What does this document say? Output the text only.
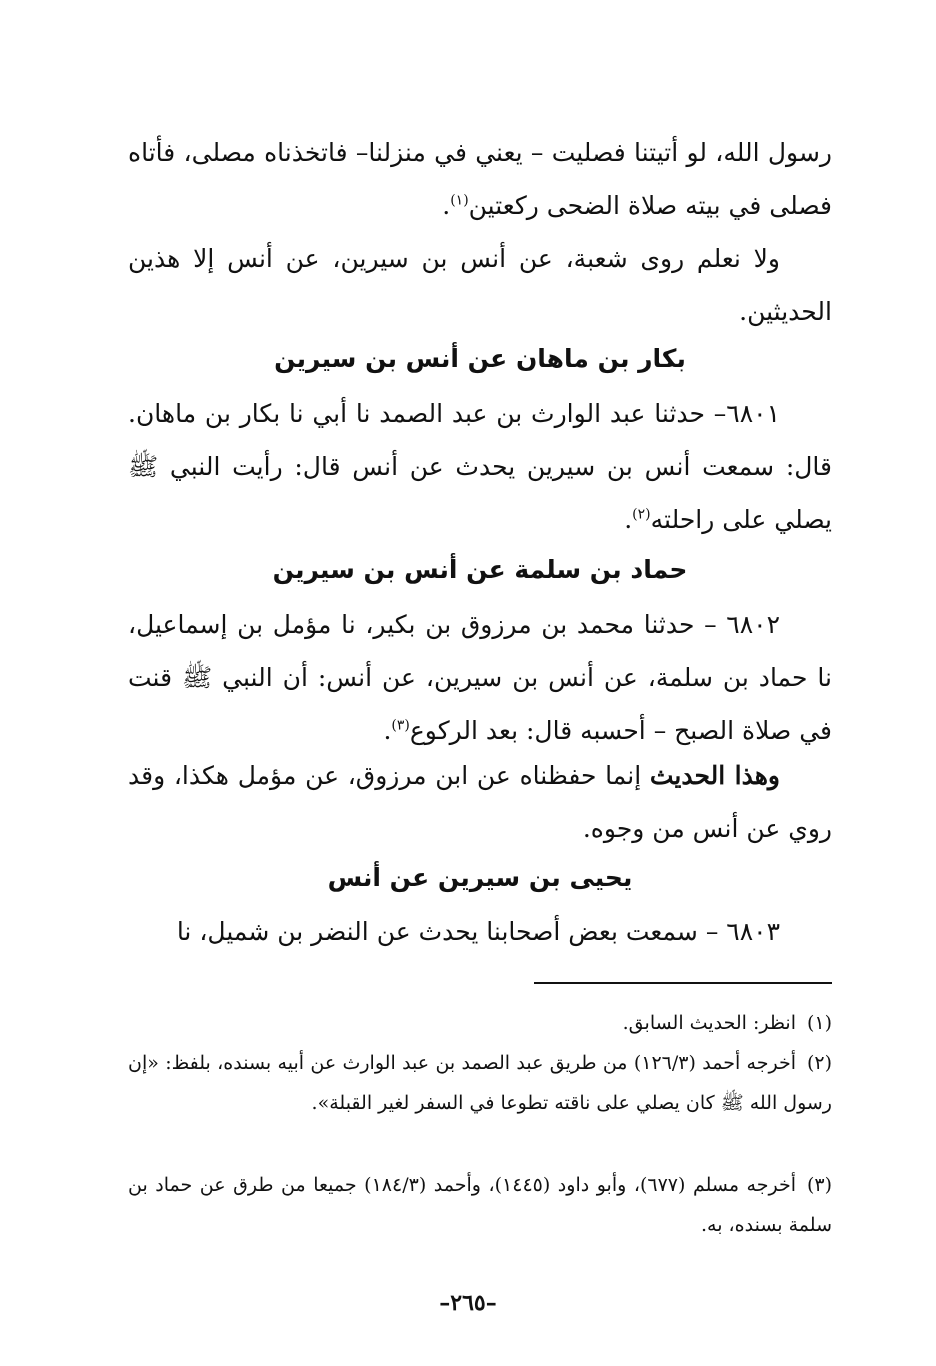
رسول الله، لو أتيتنا فصليت – يعني في منزلنا– فاتخذناه مصلى، فأتاه فصلى في بيته صلاة الضحى ركعتين$^{(١)}$.

ولا نعلم روى شعبة، عن أنس بن سيرين، عن أنس إلا هذين الحديثين.

بكار بن ماهان عن أنس بن سيرين

٦٨٠١– حدثنا عبد الوارث بن عبد الصمد نا أبي نا بكار بن ماهان. قال: سمعت أنس بن سيرين يحدث عن أنس قال: رأيت النبي ﷺ يصلي على راحلته$^{(٢)}$.

حماد بن سلمة عن أنس بن سيرين

٦٨٠٢ – حدثنا محمد بن مرزوق بن بكير، نا مؤمل بن إسماعيل، نا حماد بن سلمة، عن أنس بن سيرين، عن أنس: أن النبي ﷺ قنت في صلاة الصبح – أحسبه قال: بعد الركوع$^{(٣)}$.

وهذا الحديث إنما حفظناه عن ابن مرزوق، عن مؤمل هكذا، وقد روي عن أنس من وجوه.

يحيى بن سيرين عن أنس

٦٨٠٣ – سمعت بعض أصحابنا يحدث عن النضر بن شميل، نا

(١)انظر: الحديث السابق.

(٢)أخرجه أحمد (١٢٦/٣) من طريق عبد الصمد بن عبد الوارث عن أبيه بسنده، بلفظ: «إن رسول الله ﷺ كان يصلي على ناقته تطوعا في السفر لغير القبلة».

(٣)أخرجه مسلم (٦٧٧)، وأبو داود (١٤٤٥)، وأحمد (١٨٤/٣) جميعا من طرق عن حماد بن سلمة بسنده، به.

–٢٦٥–
